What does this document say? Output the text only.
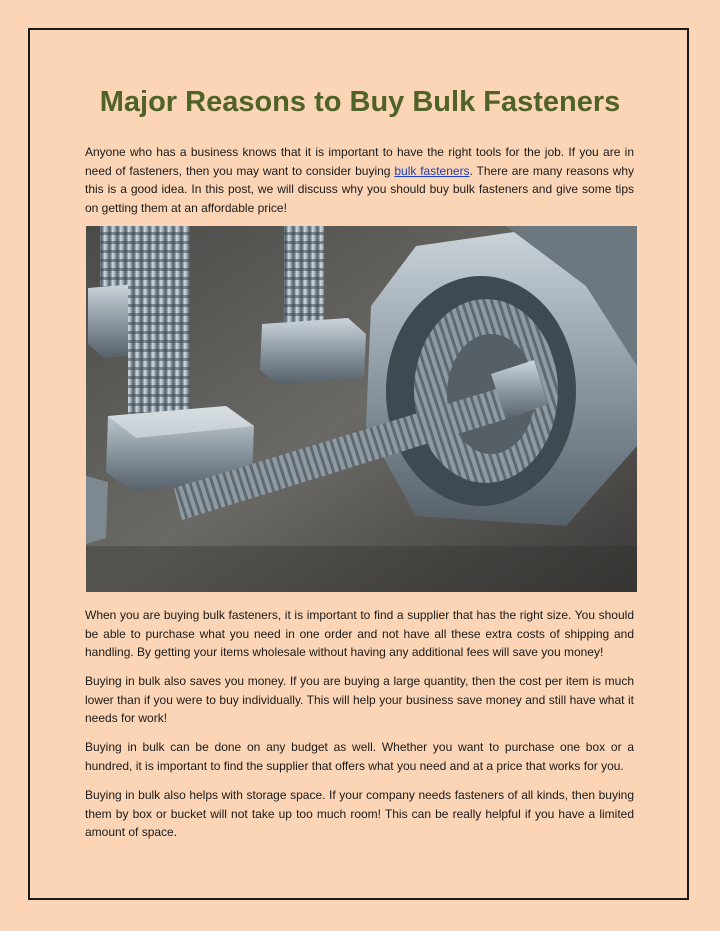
Major Reasons to Buy Bulk Fasteners

Anyone who has a business knows that it is important to have the right tools for the job. If you are in need of fasteners, then you may want to consider buying bulk fasteners. There are many reasons why this is a good idea. In this post, we will discuss why you should buy bulk fasteners and give some tips on getting them at an affordable price!

When you are buying bulk fasteners, it is important to find a supplier that has the right size. You should be able to purchase what you need in one order and not have all these extra costs of shipping and handling. By getting your items wholesale without having any additional fees will save you money!

Buying in bulk also saves you money. If you are buying a large quantity, then the cost per item is much lower than if you were to buy individually. This will help your business save money and still have what it needs for work!

Buying in bulk can be done on any budget as well. Whether you want to purchase one box or a hundred, it is important to find the supplier that offers what you need and at a price that works for you.

Buying in bulk also helps with storage space. If your company needs fasteners of all kinds, then buying them by box or bucket will not take up too much room! This can be really helpful if you have a limited amount of space.
